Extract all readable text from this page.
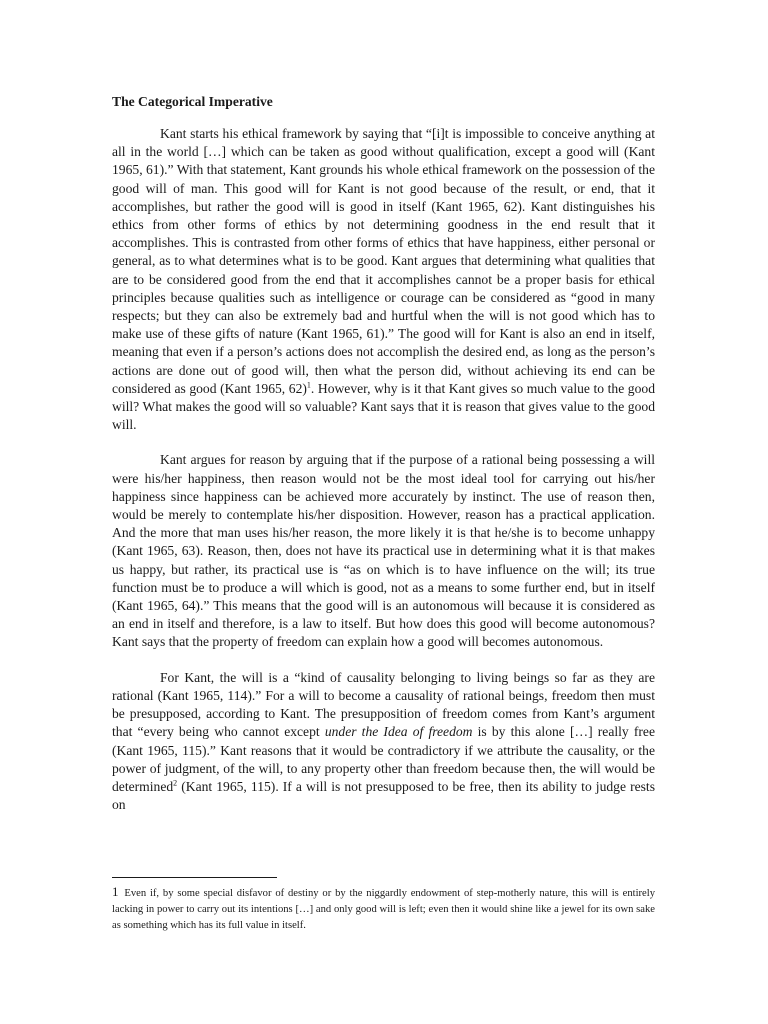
The Categorical Imperative

Kant starts his ethical framework by saying that “[i]t is impossible to conceive anything at all in the world […] which can be taken as good without qualification, except a good will (Kant 1965, 61).” With that statement, Kant grounds his whole ethical framework on the possession of the good will of man. This good will for Kant is not good because of the result, or end, that it accomplishes, but rather the good will is good in itself (Kant 1965, 62). Kant distinguishes his ethics from other forms of ethics by not determining goodness in the end result that it accomplishes. This is contrasted from other forms of ethics that have happiness, either personal or general, as to what determines what is to be good. Kant argues that determining what qualities that are to be considered good from the end that it accomplishes cannot be a proper basis for ethical principles because qualities such as intelligence or courage can be considered as “good in many respects; but they can also be extremely bad and hurtful when the will is not good which has to make use of these gifts of nature (Kant 1965, 61).” The good will for Kant is also an end in itself, meaning that even if a person’s actions does not accomplish the desired end, as long as the person’s actions are done out of good will, then what the person did, without achieving its end can be considered as good (Kant 1965, 62)$^1$. However, why is it that Kant gives so much value to the good will? What makes the good will so valuable? Kant says that it is reason that gives value to the good will.

Kant argues for reason by arguing that if the purpose of a rational being possessing a will were his/her happiness, then reason would not be the most ideal tool for carrying out his/her happiness since happiness can be achieved more accurately by instinct. The use of reason then, would be merely to contemplate his/her disposition. However, reason has a practical application. And the more that man uses his/her reason, the more likely it is that he/she is to become unhappy (Kant 1965, 63). Reason, then, does not have its practical use in determining what it is that makes us happy, but rather, its practical use is “as on which is to have influence on the will; its true function must be to produce a will which is good, not as a means to some further end, but in itself (Kant 1965, 64).” This means that the good will is an autonomous will because it is considered as an end in itself and therefore, is a law to itself. But how does this good will become autonomous? Kant says that the property of freedom can explain how a good will becomes autonomous.

For Kant, the will is a “kind of causality belonging to living beings so far as they are rational (Kant 1965, 114).” For a will to become a causality of rational beings, freedom then must be presupposed, according to Kant. The presupposition of freedom comes from Kant’s argument that “every being who cannot except under the Idea of freedom is by this alone […] really free (Kant 1965, 115).” Kant reasons that it would be contradictory if we attribute the causality, or the power of judgment, of the will, to any property other than freedom because then, the will would be determined$^2$ (Kant 1965, 115). If a will is not presupposed to be free, then its ability to judge rests on

1 Even if, by some special disfavor of destiny or by the niggardly endowment of step-motherly nature, this will is entirely lacking in power to carry out its intentions […] and only good will is left; even then it would shine like a jewel for its own sake as something which has its full value in itself.
